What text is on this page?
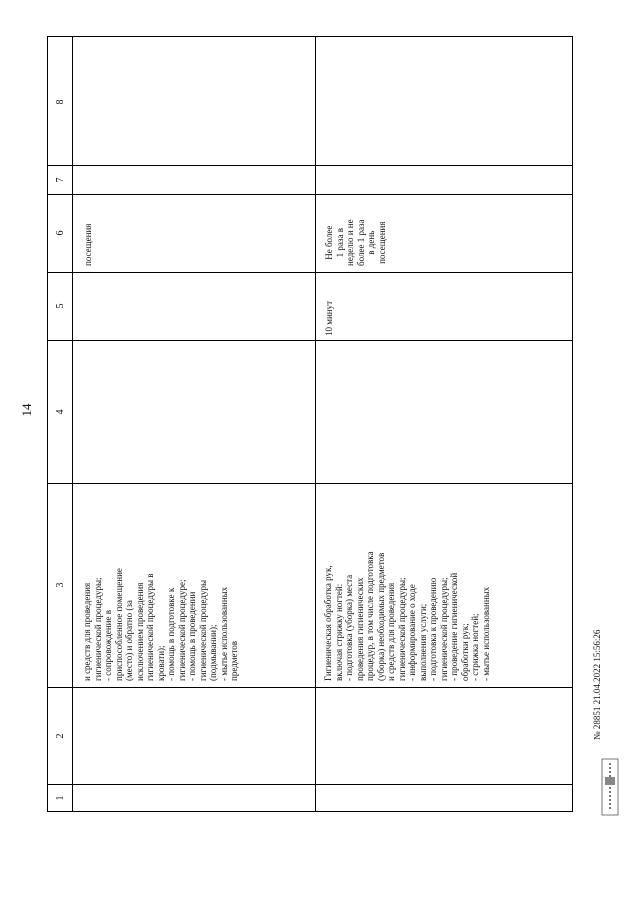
14
8
7
6
5
4
3
2
1
и средств для проведения гигиенической процедуры; - сопровождение в приспособленное помещение (место) и обратно (за исключением проведения гигиенической процедуры в кровати); - помощь в подготовке к гигиенической процедуре; - помощь в проведении гигиенической процедуры (подмывании); - мытье использованных предметов
посещения
Гигиеническая обработка рук, включая стрижку ногтей: - подготовка (уборка) места проведения гигиенических процедур, в том числе подготовка (уборка) необходимых предметов и средств для проведения гигиенической процедуры; - информирование о ходе выполнения услуги; - подготовка к проведению гигиенической процедуры; - проведение гигиенической обработки рук; - стрижка ногтей; - мытье использованных
10 минут
Не более 1 раза в неделю и не более 1 раза в день посещения
№ 28851 21.04.2022 15:56:26
